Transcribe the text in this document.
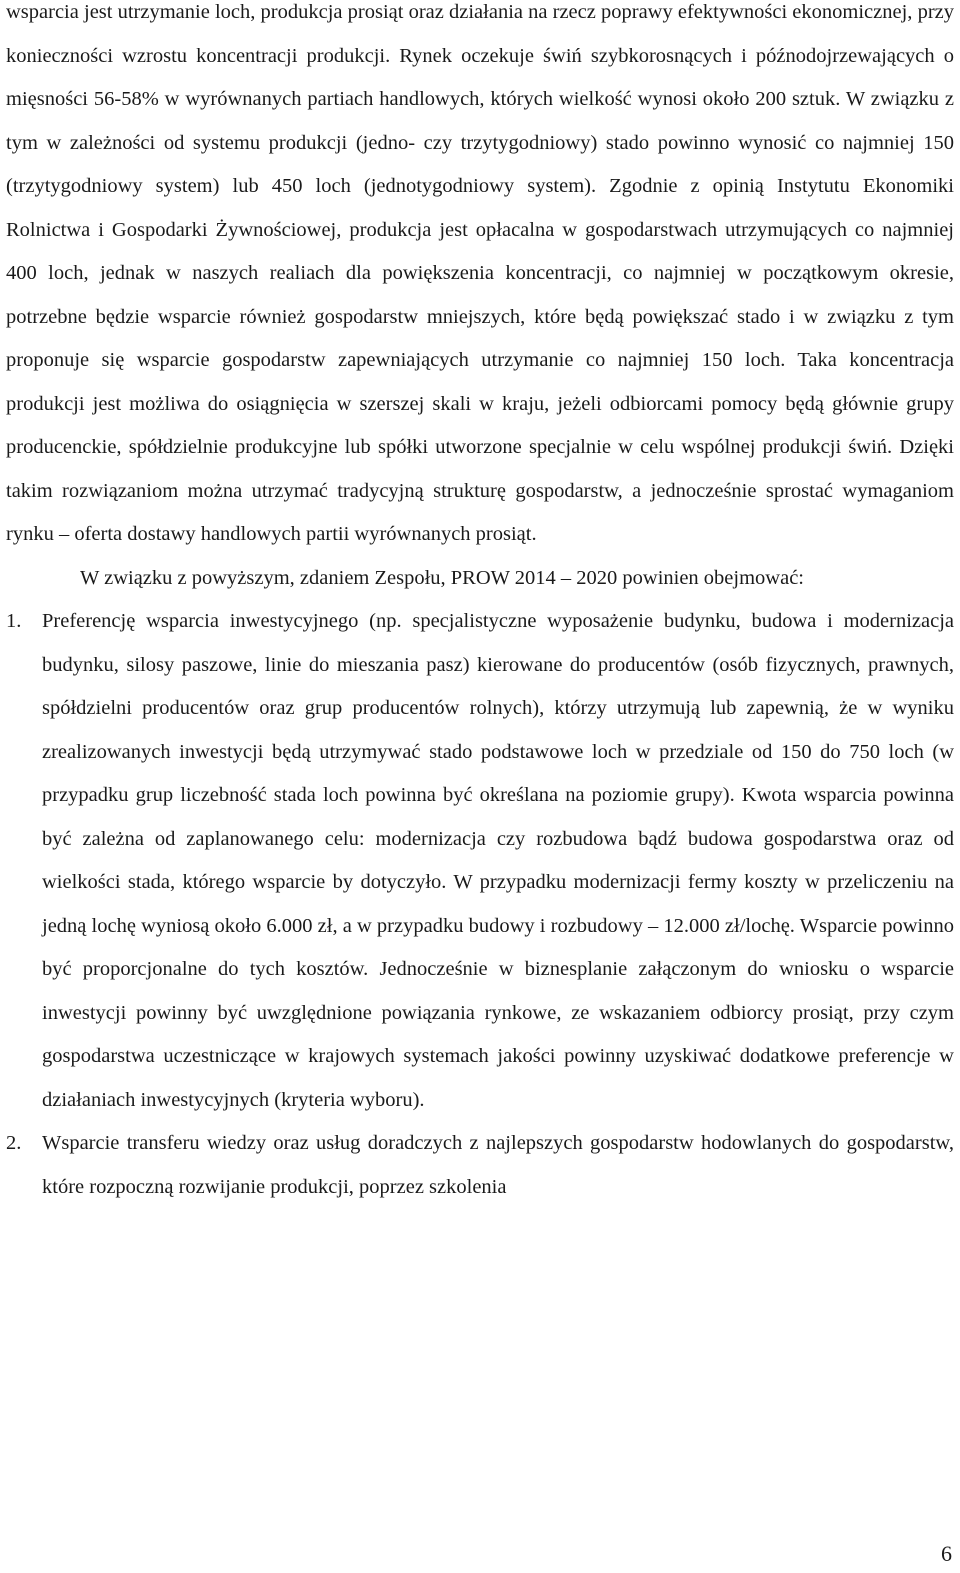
wsparcia jest utrzymanie loch, produkcja prosiąt oraz działania na rzecz poprawy efektywności ekonomicznej, przy konieczności wzrostu koncentracji produkcji. Rynek oczekuje świń szybkorosnących i późnodojrzewających o mięsności 56-58% w wyrównanych partiach handlowych, których wielkość wynosi około 200 sztuk. W związku z tym w zależności od systemu produkcji (jedno- czy trzytygodniowy) stado powinno wynosić co najmniej 150 (trzytygodniowy system) lub 450 loch (jednotygodniowy system). Zgodnie z opinią Instytutu Ekonomiki Rolnictwa i Gospodarki Żywnościowej, produkcja jest opłacalna w gospodarstwach utrzymujących co najmniej 400 loch, jednak w naszych realiach dla powiększenia koncentracji, co najmniej w początkowym okresie, potrzebne będzie wsparcie również gospodarstw mniejszych, które będą powiększać stado i w związku z tym proponuje się wsparcie gospodarstw zapewniających utrzymanie co najmniej 150 loch. Taka koncentracja produkcji jest możliwa do osiągnięcia w szerszej skali w kraju, jeżeli odbiorcami pomocy będą głównie grupy producenckie, spółdzielnie produkcyjne lub spółki utworzone specjalnie w celu wspólnej produkcji świń. Dzięki takim rozwiązaniom można utrzymać tradycyjną strukturę gospodarstw, a jednocześnie sprostać wymaganiom rynku – oferta dostawy handlowych partii wyrównanych prosiąt.

W związku z powyższym, zdaniem Zespołu, PROW 2014 – 2020 powinien obejmować:

1. Preferencję wsparcia inwestycyjnego (np. specjalistyczne wyposażenie budynku, budowa i modernizacja budynku, silosy paszowe, linie do mieszania pasz) kierowane do producentów (osób fizycznych, prawnych, spółdzielni producentów oraz grup producentów rolnych), którzy utrzymują lub zapewnią, że w wyniku zrealizowanych inwestycji będą utrzymywać stado podstawowe loch w przedziale od 150 do 750 loch (w przypadku grup liczebność stada loch powinna być określana na poziomie grupy). Kwota wsparcia powinna być zależna od zaplanowanego celu: modernizacja czy rozbudowa bądź budowa gospodarstwa oraz od wielkości stada, którego wsparcie by dotyczyło. W przypadku modernizacji fermy koszty w przeliczeniu na jedną lochę wyniosą około 6.000 zł, a w przypadku budowy i rozbudowy – 12.000 zł/lochę. Wsparcie powinno być proporcjonalne do tych kosztów. Jednocześnie w biznesplanie załączonym do wniosku o wsparcie inwestycji powinny być uwzględnione powiązania rynkowe, ze wskazaniem odbiorcy prosiąt, przy czym gospodarstwa uczestniczące w krajowych systemach jakości powinny uzyskiwać dodatkowe preferencje w działaniach inwestycyjnych (kryteria wyboru).
2. Wsparcie transferu wiedzy oraz usług doradczych z najlepszych gospodarstw hodowlanych do gospodarstw, które rozpoczną rozwijanie produkcji, poprzez szkolenia
6
